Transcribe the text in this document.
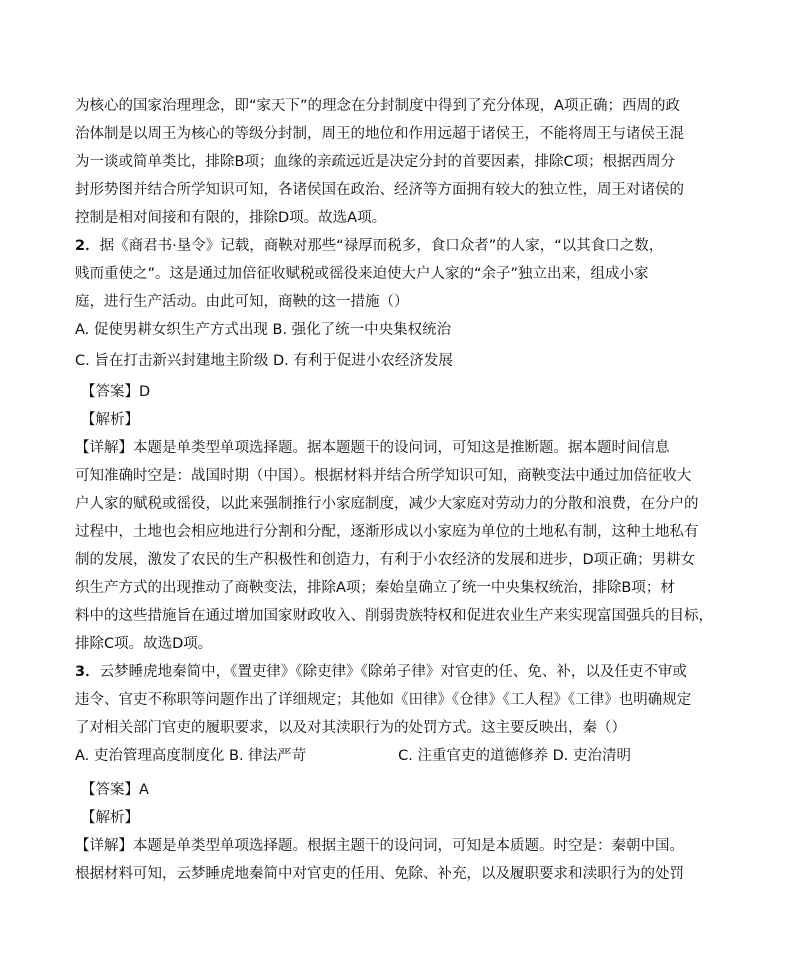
为核心的国家治理理念，即“家天下”的理念在分封制度中得到了充分体现，A项正确；西周的政
治体制是以周王为核心的等级分封制，周王的地位和作用远超于诸侯王，不能将周王与诸侯王混
为一谈或简单类比，排除B项；血缘的亲疏远近是决定分封的首要因素，排除C项；根据西周分
封形势图并结合所学知识可知，各诸侯国在政治、经济等方面拥有较大的独立性，周王对诸侯的
控制是相对间接和有限的，排除D项。故选A项。
2．据《商君书·垦令》记载，商鞅对那些“禄厚而税多，食口众者”的人家，“以其食口之数，
贱而重使之”。这是通过加倍征收赋税或徭役来迫使大户人家的“余子”独立出来，组成小家
庭，进行生产活动。由此可知，商鞅的这一措施（）
A. 促使男耕女织生产方式出现 B. 强化了统一中央集权统治
C. 旨在打击新兴封建地主阶级 D. 有利于促进小农经济发展
【答案】D
【解析】
【详解】本题是单类型单项选择题。据本题题干的设问词，可知这是推断题。据本题时间信息
可知准确时空是：战国时期（中国）。根据材料并结合所学知识可知，商鞅变法中通过加倍征收大
户人家的赋税或徭役，以此来强制推行小家庭制度，减少大家庭对劳动力的分散和浪费，在分户的
过程中，土地也会相应地进行分割和分配，逐渐形成以小家庭为单位的土地私有制，这种土地私有
制的发展，激发了农民的生产积极性和创造力，有利于小农经济的发展和进步，D项正确；男耕女
织生产方式的出现推动了商鞅变法，排除A项；秦始皇确立了统一中央集权统治，排除B项；材
料中的这些措施旨在通过增加国家财政收入、削弱贵族特权和促进农业生产来实现富国强兵的目标，
排除C项。故选D项。
3．云梦睡虎地秦简中，《置吏律》《除吏律》《除弟子律》对官吏的任、免、补，以及任吏不审或
违令、官吏不称职等问题作出了详细规定；其他如《田律》《仓律》《工人程》《工律》也明确规定
了对相关部门官吏的履职要求，以及对其渎职行为的处罚方式。这主要反映出，秦（）
A. 吏治管理高度制度化 B. 律法严苛	C. 注重官吏的道德修养 D. 吏治清明
【答案】A
【解析】
【详解】本题是单类型单项选择题。根据主题干的设问词，可知是本质题。时空是：秦朝中国。
根据材料可知，云梦睡虎地秦简中对官吏的任用、免除、补充，以及履职要求和渎职行为的处罚
